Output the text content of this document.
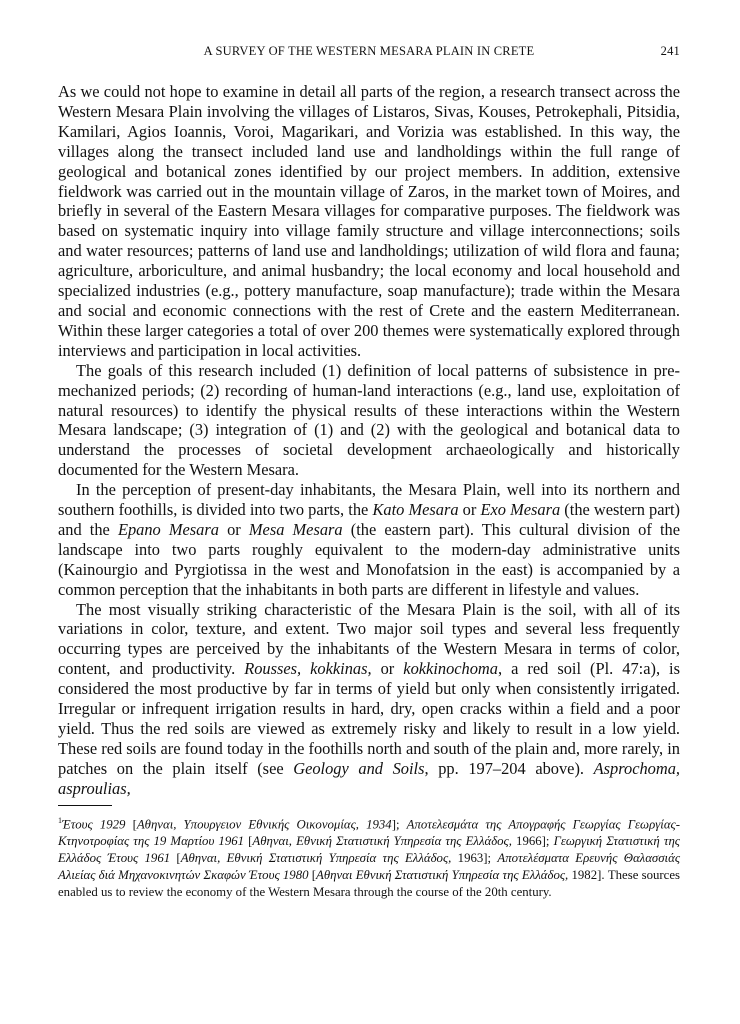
A SURVEY OF THE WESTERN MESARA PLAIN IN CRETE	241

As we could not hope to examine in detail all parts of the region, a research transect across the Western Mesara Plain involving the villages of Listaros, Sivas, Kouses, Petrokephali, Pitsidia, Kamilari, Agios Ioannis, Voroi, Magarikari, and Vorizia was established. In this way, the villages along the transect included land use and landholdings within the full range of geological and botanical zones identified by our project members. In addition, extensive fieldwork was carried out in the mountain village of Zaros, in the market town of Moires, and briefly in several of the Eastern Mesara villages for comparative purposes. The fieldwork was based on systematic inquiry into village family structure and village interconnections; soils and water resources; patterns of land use and landholdings; utilization of wild flora and fauna; agriculture, arboriculture, and animal husbandry; the local economy and local household and specialized industries (e.g., pottery manufacture, soap manufacture); trade within the Mesara and social and economic connections with the rest of Crete and the eastern Mediterranean. Within these larger categories a total of over 200 themes were systematically explored through interviews and participation in local activities.

The goals of this research included (1) definition of local patterns of subsistence in pre-mechanized periods; (2) recording of human-land interactions (e.g., land use, exploitation of natural resources) to identify the physical results of these interactions within the Western Mesara landscape; (3) integration of (1) and (2) with the geological and botanical data to understand the processes of societal development archaeologically and historically documented for the Western Mesara.

In the perception of present-day inhabitants, the Mesara Plain, well into its northern and southern foothills, is divided into two parts, the Kato Mesara or Exo Mesara (the western part) and the Epano Mesara or Mesa Mesara (the eastern part). This cultural division of the landscape into two parts roughly equivalent to the modern-day administrative units (Kainourgio and Pyrgiotissa in the west and Monofatsion in the east) is accompanied by a common perception that the inhabitants in both parts are different in lifestyle and values.

The most visually striking characteristic of the Mesara Plain is the soil, with all of its variations in color, texture, and extent. Two major soil types and several less frequently occurring types are perceived by the inhabitants of the Western Mesara in terms of color, content, and productivity. Rousses, kokkinas, or kokkinochoma, a red soil (Pl. 47:a), is considered the most productive by far in terms of yield but only when consistently irrigated. Irregular or infrequent irrigation results in hard, dry, open cracks within a field and a poor yield. Thus the red soils are viewed as extremely risky and likely to result in a low yield. These red soils are found today in the foothills north and south of the plain and, more rarely, in patches on the plain itself (see Geology and Soils, pp. 197–204 above). Asprochoma, asproulias,

$^1$Έτους 1929 [Αθηναι, Υπουργειον Εθνικής Οικονομίας, 1934]; Αποτελεσμάτα της Απογραφής Γεωργίας Γεωργίας-Κτηνοτροφίας της 19 Μαρτίου 1961 [Αθηναι, Εθνική Στατιστική Υπηρεσία της Ελλάδος, 1966]; Γεωργική Στατιστική της Ελλάδος Έτους 1961 [Αθηναι, Εθνική Στατιστική Υπηρεσία της Ελλάδος, 1963]; Αποτελέσματα Ερευνής Θαλασσιάς Αλιείας διά Μηχανοκινητών Σκαφών Έτους 1980 [Αθηναι Εθνική Στατιστική Υπηρεσία της Ελλάδος, 1982]. These sources enabled us to review the economy of the Western Mesara through the course of the 20th century.
